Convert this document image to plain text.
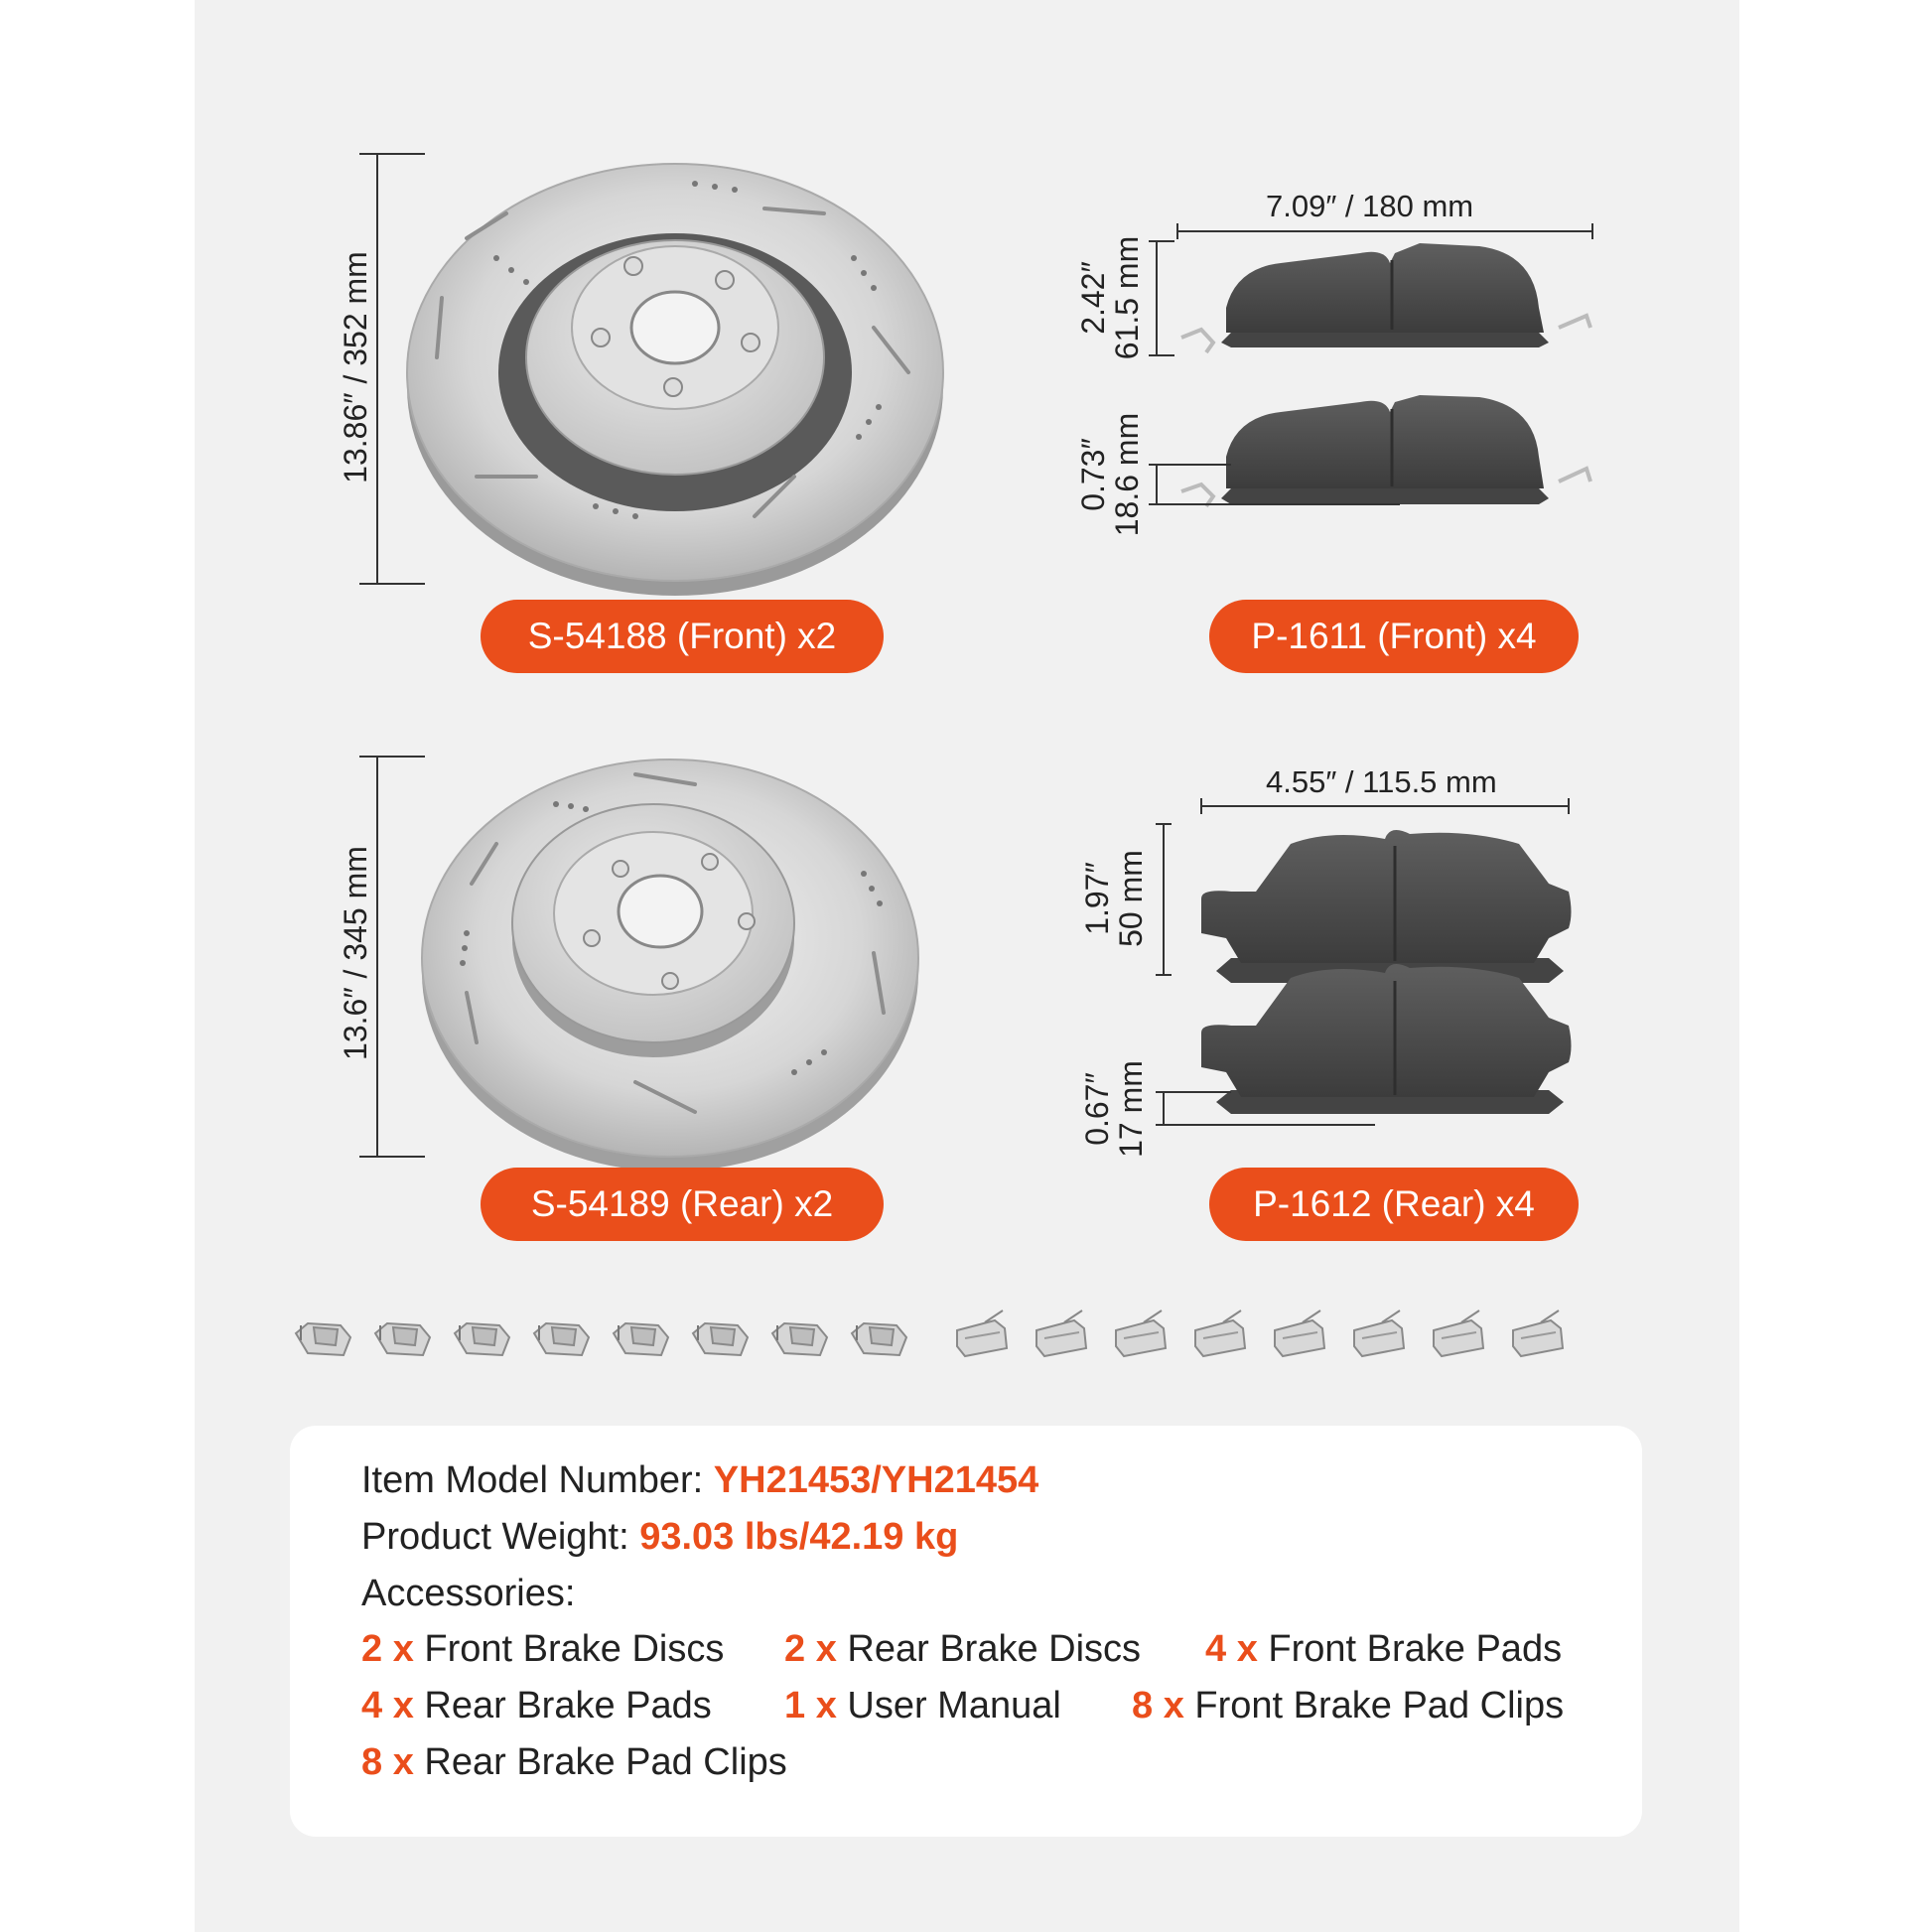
13.86″ / 352 mm
13.6″ / 345 mm
7.09″ / 180 mm
2.42″
61.5 mm
0.73″
18.6 mm
4.55″ / 115.5 mm
1.97″
50 mm
0.67″
17 mm
S-54188 (Front) x2	P-1611 (Front) x4
S-54189 (Rear) x2	P-1612 (Rear) x4
Item Model Number: YH21453/YH21454
Product Weight: 93.03 lbs/42.19 kg
Accessories:
2 x Front Brake Discs 2 x Rear Brake Discs 4 x Front Brake Pads
4 x Rear Brake Pads 1 x User Manual 8 x Front Brake Pad Clips
8 x Rear Brake Pad Clips
